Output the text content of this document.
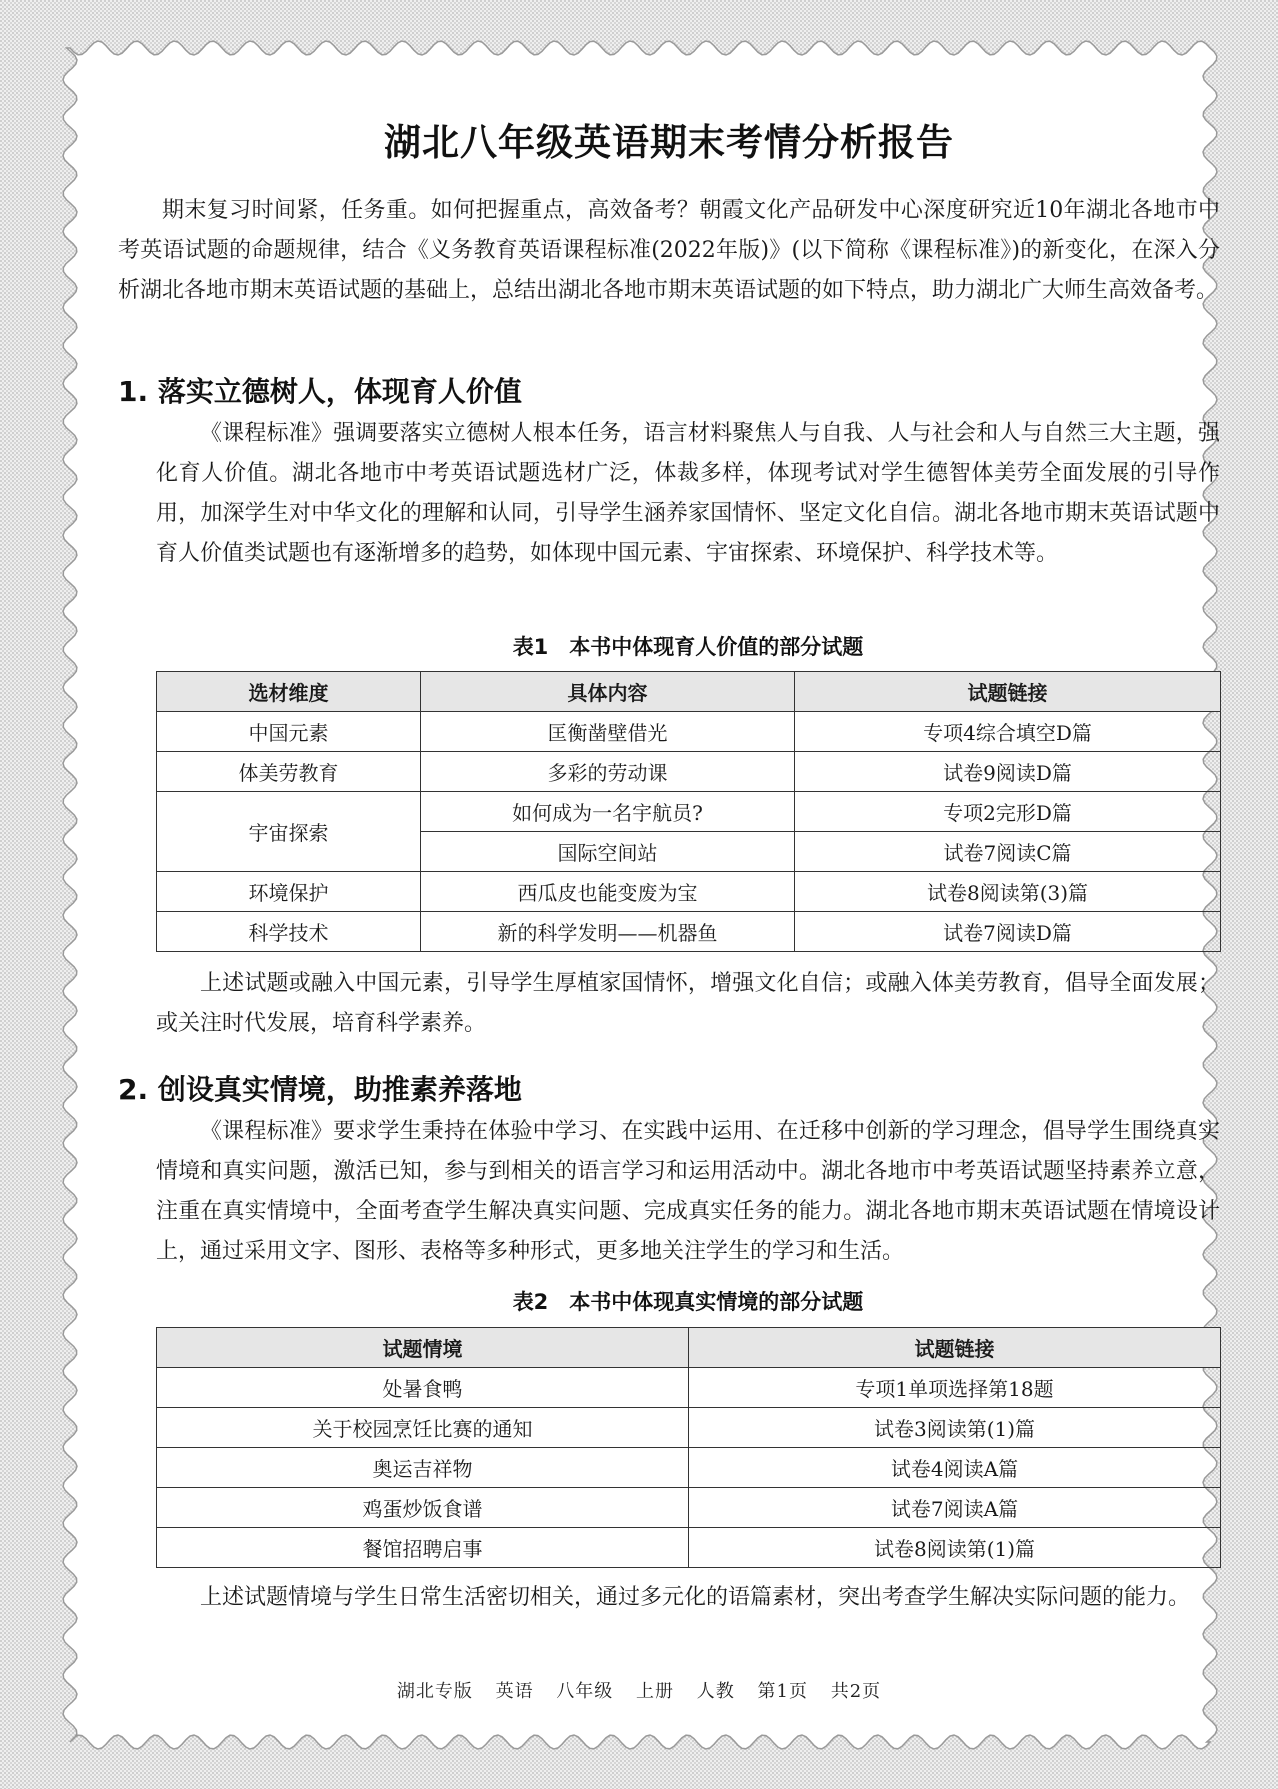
湖北八年级英语期末考情分析报告

期末复习时间紧，任务重。如何把握重点，高效备考？朝霞文化产品研发中心深度研究近10年湖北各地市中考英语试题的命题规律，结合《义务教育英语课程标准(2022年版)》(以下简称《课程标准》)的新变化，在深入分析湖北各地市期末英语试题的基础上，总结出湖北各地市期末英语试题的如下特点，助力湖北广大师生高效备考。

1. 落实立德树人，体现育人价值

《课程标准》强调要落实立德树人根本任务，语言材料聚焦人与自我、人与社会和人与自然三大主题，强化育人价值。湖北各地市中考英语试题选材广泛，体裁多样，体现考试对学生德智体美劳全面发展的引导作用，加深学生对中华文化的理解和认同，引导学生涵养家国情怀、坚定文化自信。湖北各地市期末英语试题中育人价值类试题也有逐渐增多的趋势，如体现中国元素、宇宙探索、环境保护、科学技术等。

表1　本书中体现育人价值的部分试题
选材维度	具体内容	试题链接
中国元素	匡衡凿壁借光	专项4综合填空D篇
体美劳教育	多彩的劳动课	试卷9阅读D篇
宇宙探索	如何成为一名宇航员?	专项2完形D篇
	国际空间站	试卷7阅读C篇
环境保护	西瓜皮也能变废为宝	试卷8阅读第(3)篇
科学技术	新的科学发明——机器鱼	试卷7阅读D篇

上述试题或融入中国元素，引导学生厚植家国情怀，增强文化自信；或融入体美劳教育，倡导全面发展；或关注时代发展，培育科学素养。

2. 创设真实情境，助推素养落地

《课程标准》要求学生秉持在体验中学习、在实践中运用、在迁移中创新的学习理念，倡导学生围绕真实情境和真实问题，激活已知，参与到相关的语言学习和运用活动中。湖北各地市中考英语试题坚持素养立意，注重在真实情境中，全面考查学生解决真实问题、完成真实任务的能力。湖北各地市期末英语试题在情境设计上，通过采用文字、图形、表格等多种形式，更多地关注学生的学习和生活。

表2　本书中体现真实情境的部分试题
试题情境	试题链接
处暑食鸭	专项1单项选择第18题
关于校园烹饪比赛的通知	试卷3阅读第(1)篇
奥运吉祥物	试卷4阅读A篇
鸡蛋炒饭食谱	试卷7阅读A篇
餐馆招聘启事	试卷8阅读第(1)篇

上述试题情境与学生日常生活密切相关，通过多元化的语篇素材，突出考查学生解决实际问题的能力。

湖北专版 英语 八年级 上册 人教 第1页 共2页
